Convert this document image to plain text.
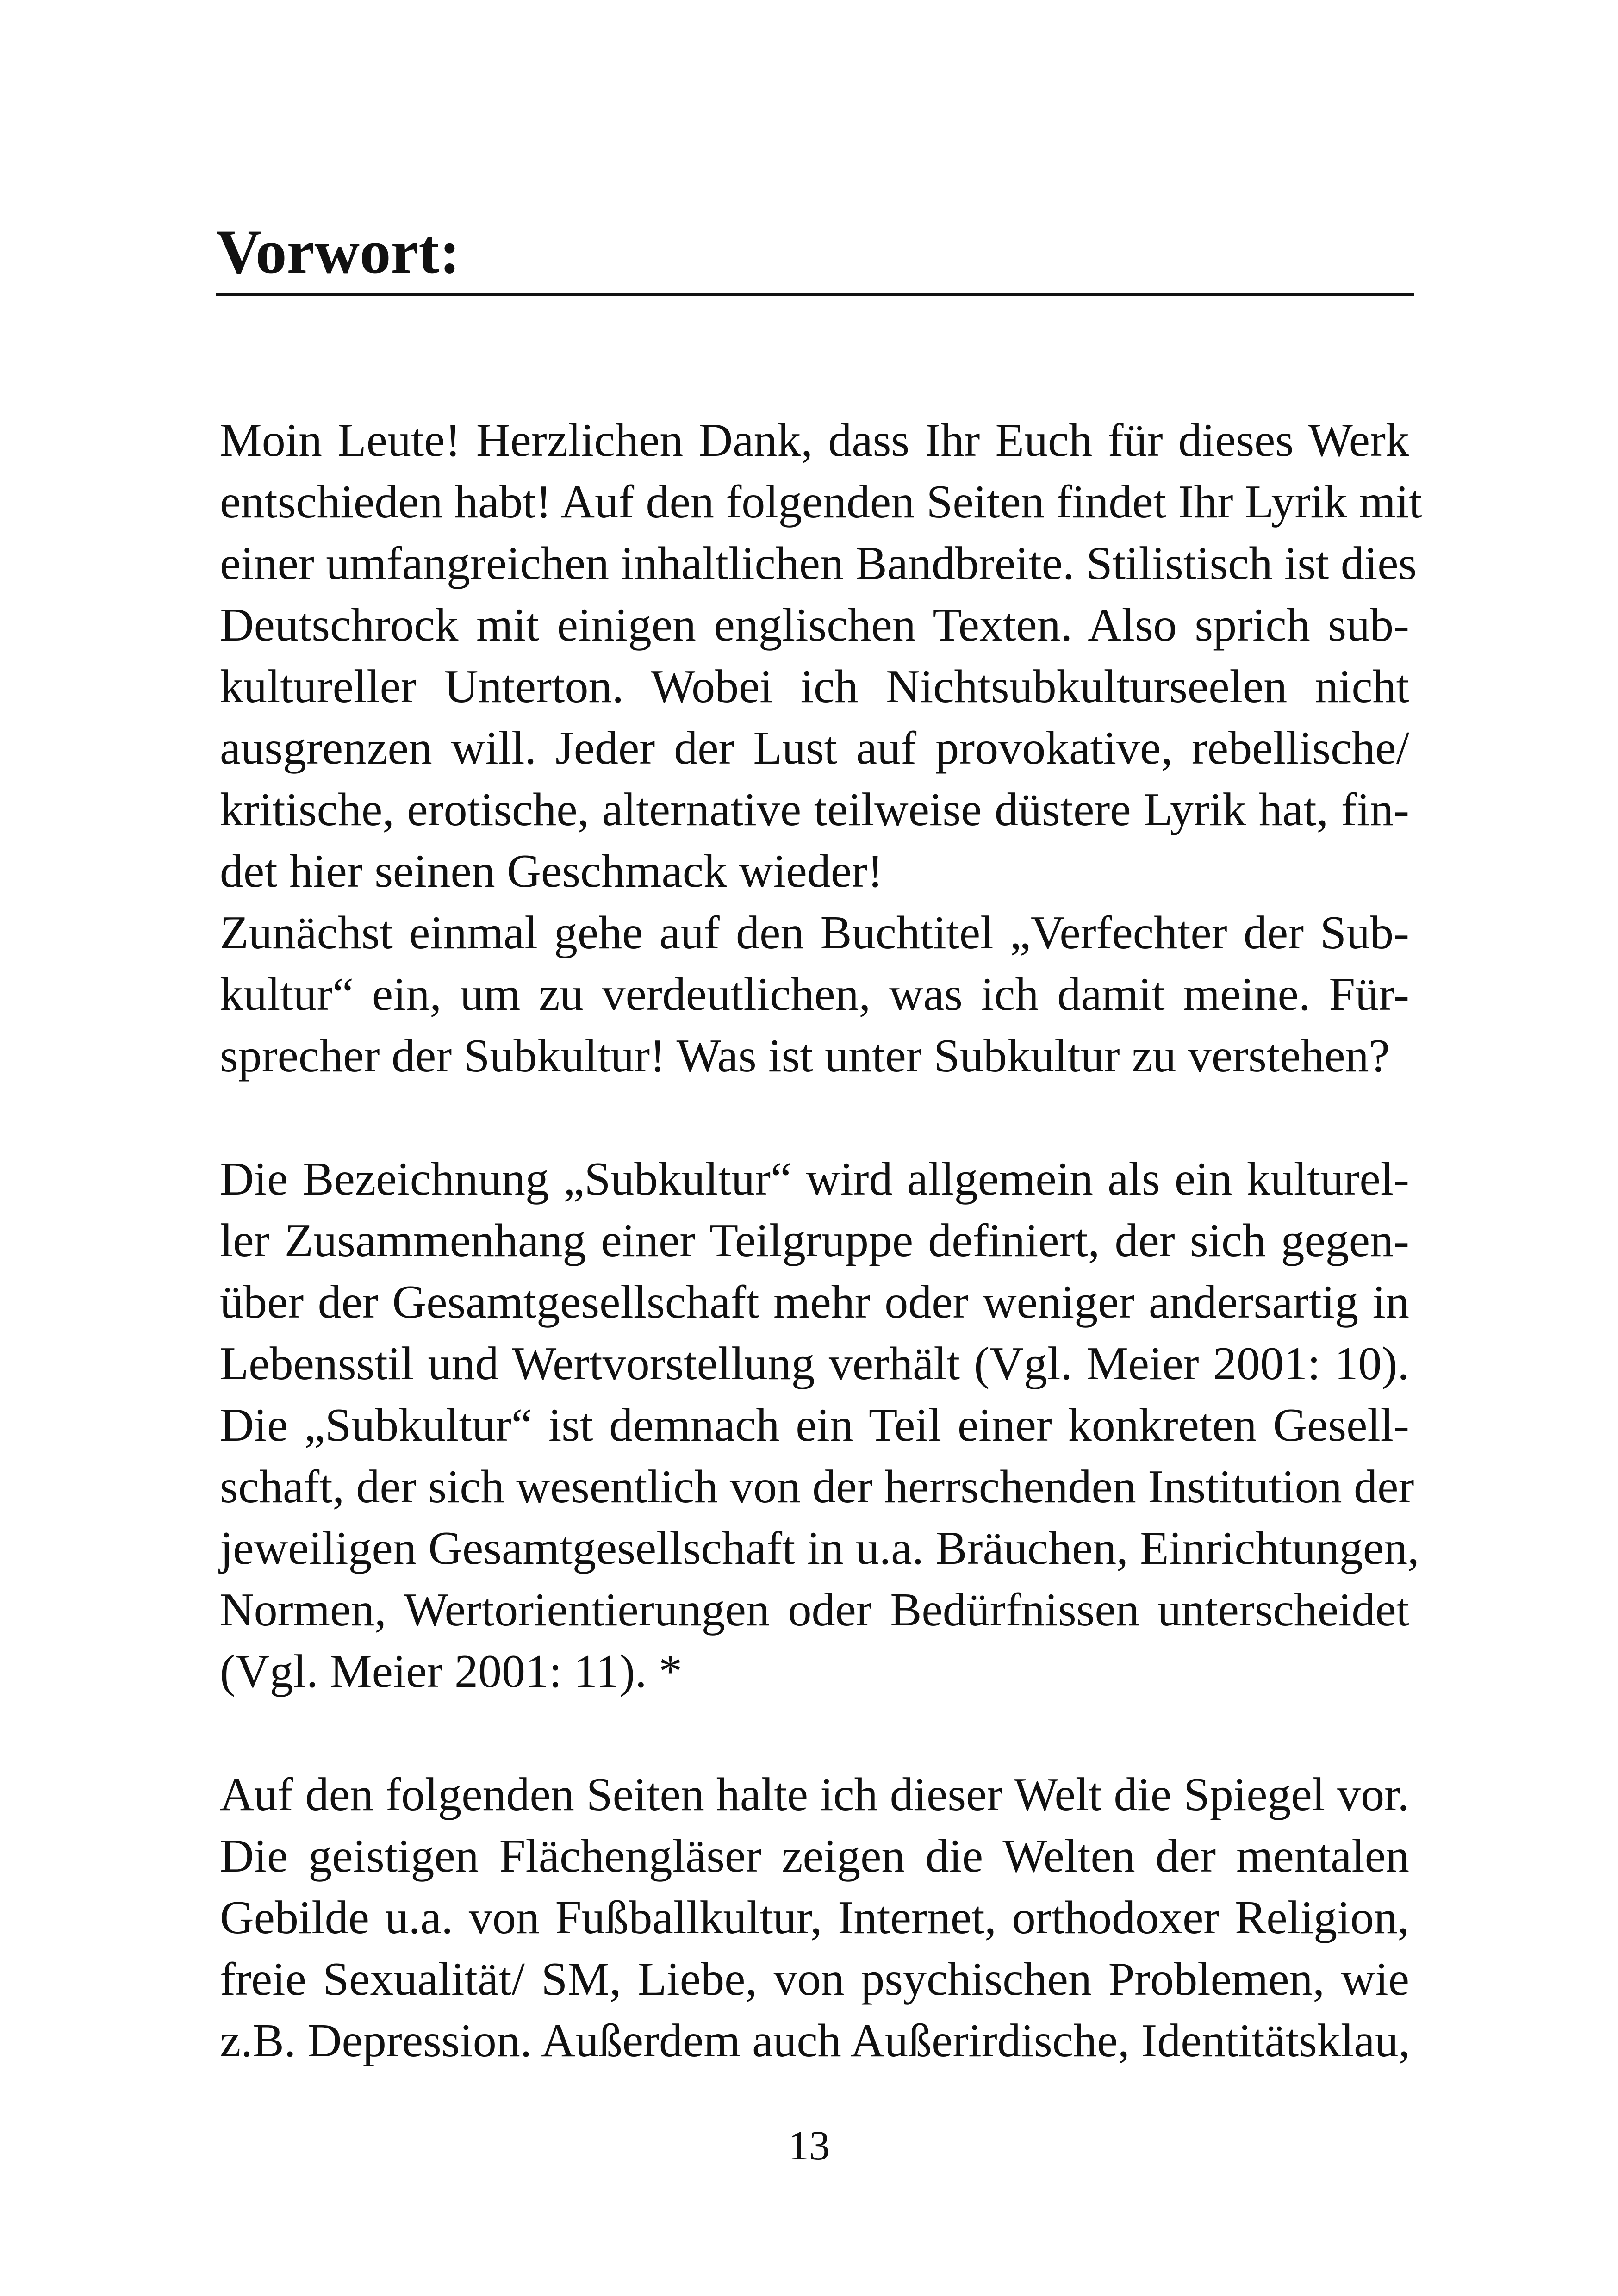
Vorwort:

Moin Leute! Herzlichen Dank, dass Ihr Euch für dieses Werk

entschieden habt! Auf den folgenden Seiten findet Ihr Lyrik mit

einer umfangreichen inhaltlichen Bandbreite. Stilistisch ist dies

Deutschrock mit einigen englischen Texten. Also sprich sub-

kultureller Unterton. Wobei ich Nichtsubkulturseelen nicht

ausgrenzen will. Jeder der Lust auf provokative, rebellische/

kritische, erotische, alternative teilweise düstere Lyrik hat, fin-

det hier seinen Geschmack wieder!

Zunächst einmal gehe auf den Buchtitel „Verfechter der Sub-

kultur“ ein, um zu verdeutlichen, was ich damit meine. Für-

sprecher der Subkultur! Was ist unter Subkultur zu verstehen?

Die Bezeichnung „Subkultur“ wird allgemein als ein kulturel-

ler Zusammenhang einer Teilgruppe definiert, der sich gegen-

über der Gesamtgesellschaft mehr oder weniger andersartig in

Lebensstil und Wertvorstellung verhält (Vgl. Meier 2001: 10).

Die „Subkultur“ ist demnach ein Teil einer konkreten Gesell-

schaft, der sich wesentlich von der herrschenden Institution der

jeweiligen Gesamtgesellschaft in u.a. Bräuchen, Einrichtungen,

Normen, Wertorientierungen oder Bedürfnissen unterscheidet

(Vgl. Meier 2001: 11). *

Auf den folgenden Seiten halte ich dieser Welt die Spiegel vor.

Die geistigen Flächengläser zeigen die Welten der mentalen

Gebilde u.a. von Fußballkultur, Internet, orthodoxer Religion,

freie Sexualität/ SM, Liebe, von psychischen Problemen, wie

z.B. Depression. Außerdem auch Außerirdische, Identitätsklau,

13
